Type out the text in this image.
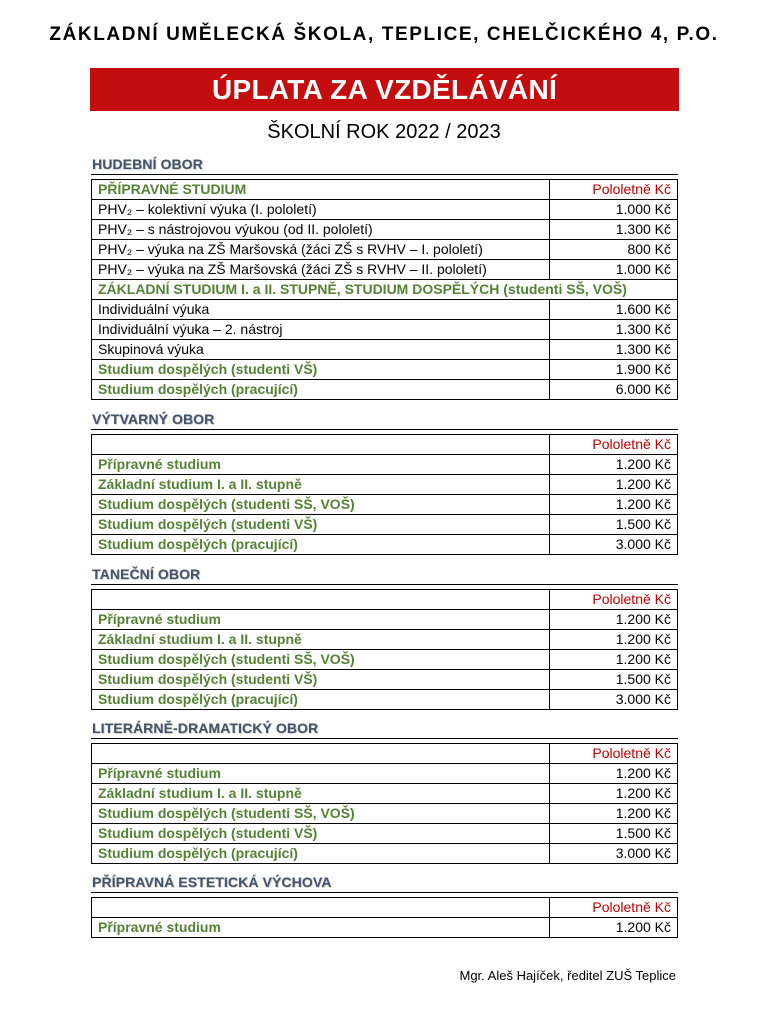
ZÁKLADNÍ UMĚLECKÁ ŠKOLA, TEPLICE, CHELČICKÉHO 4, P.O.
ÚPLATA ZA VZDĚLÁVÁNÍ
ŠKOLNÍ ROK 2022 / 2023
HUDEBNÍ OBOR
PŘÍPRAVNÉ STUDIUM	Pololetně Kč
PHV₂ – kolektivní výuka (I. pololetí)	1.000 Kč
PHV₂ – s nástrojovou výukou (od II. pololetí)	1.300 Kč
PHV₂ – výuka na ZŠ Maršovská (žáci ZŠ s RVHV – I. pololetí)	800 Kč
PHV₂ – výuka na ZŠ Maršovská (žáci ZŠ s RVHV – II. pololetí)	1.000 Kč
ZÁKLADNÍ STUDIUM I. a II. STUPNĚ, STUDIUM DOSPĚLÝCH (studenti SŠ, VOŠ)	
Individuální výuka	1.600 Kč
Individuální výuka – 2. nástroj	1.300 Kč
Skupinová výuka	1.300 Kč
Studium dospělých (studenti VŠ)	1.900 Kč
Studium dospělých (pracující)	6.000 Kč
VÝTVARNÝ OBOR
	Pololetně Kč
Přípravné studium	1.200 Kč
Základní studium I. a II. stupně	1.200 Kč
Studium dospělých (studenti SŠ, VOŠ)	1.200 Kč
Studium dospělých (studenti VŠ)	1.500 Kč
Studium dospělých (pracující)	3.000 Kč
TANEČNÍ OBOR
	Pololetně Kč
Přípravné studium	1.200 Kč
Základní studium I. a II. stupně	1.200 Kč
Studium dospělých (studenti SŠ, VOŠ)	1.200 Kč
Studium dospělých (studenti VŠ)	1.500 Kč
Studium dospělých (pracující)	3.000 Kč
LITERÁRNĚ-DRAMATICKÝ OBOR
	Pololetně Kč
Přípravné studium	1.200 Kč
Základní studium I. a II. stupně	1.200 Kč
Studium dospělých (studenti SŠ, VOŠ)	1.200 Kč
Studium dospělých (studenti VŠ)	1.500 Kč
Studium dospělých (pracující)	3.000 Kč
PŘÍPRAVNÁ ESTETICKÁ VÝCHOVA
	Pololetně Kč
Přípravné studium	1.200 Kč
Mgr. Aleš Hajíček, ředitel ZUŠ Teplice
